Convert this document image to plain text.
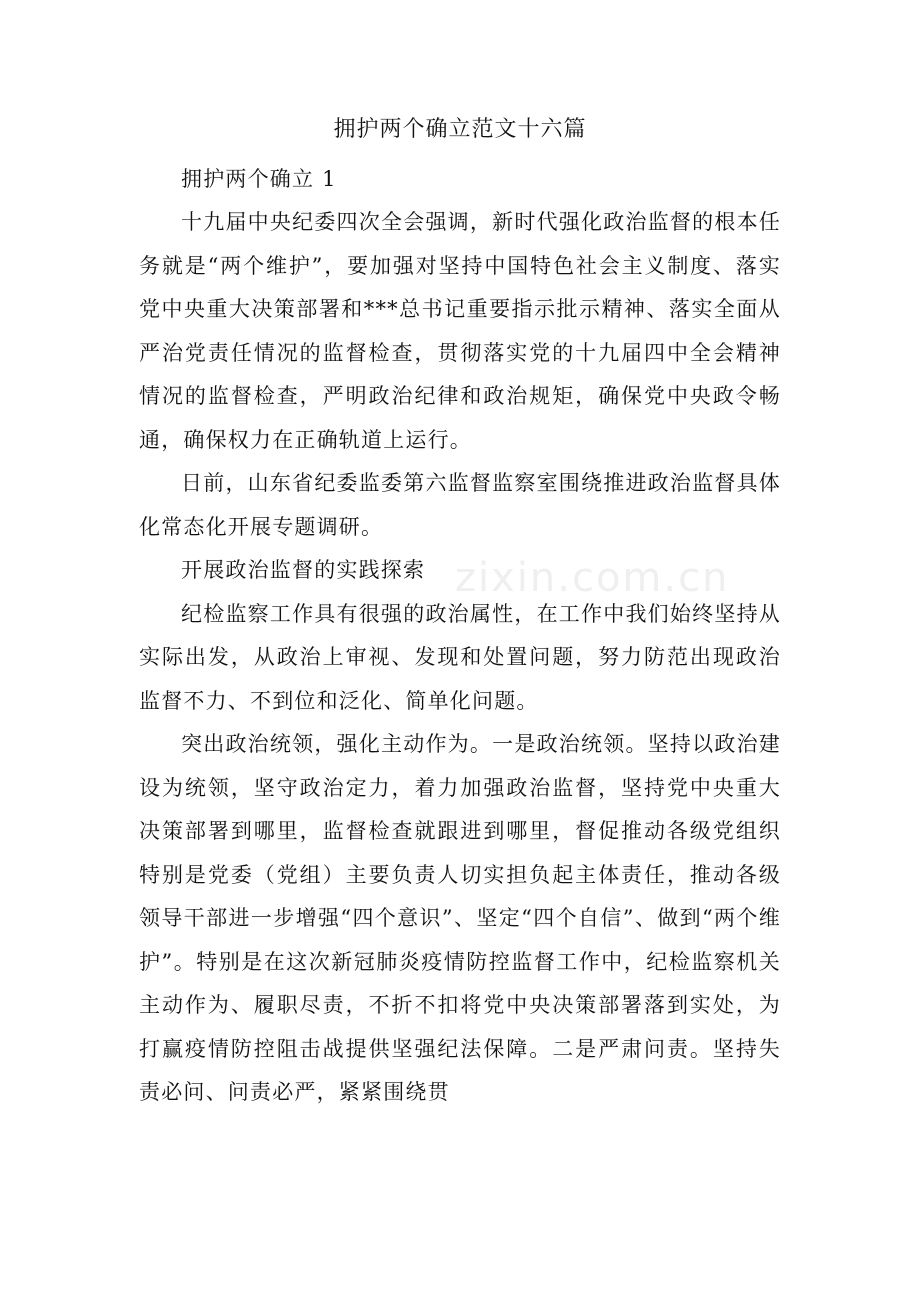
zixin.com.cn
拥护两个确立范文十六篇

拥护两个确立 1

十九届中央纪委四次全会强调，新时代强化政治监督的根本任务就是“两个维护”，要加强对坚持中国特色社会主义制度、落实党中央重大决策部署和***总书记重要指示批示精神、落实全面从严治党责任情况的监督检查，贯彻落实党的十九届四中全会精神情况的监督检查，严明政治纪律和政治规矩，确保党中央政令畅通，确保权力在正确轨道上运行。

日前，山东省纪委监委第六监督监察室围绕推进政治监督具体化常态化开展专题调研。

开展政治监督的实践探索

纪检监察工作具有很强的政治属性，在工作中我们始终坚持从实际出发，从政治上审视、发现和处置问题，努力防范出现政治监督不力、不到位和泛化、简单化问题。

突出政治统领，强化主动作为。一是政治统领。坚持以政治建设为统领，坚守政治定力，着力加强政治监督，坚持党中央重大决策部署到哪里，监督检查就跟进到哪里，督促推动各级党组织特别是党委（党组）主要负责人切实担负起主体责任，推动各级领导干部进一步增强“四个意识”、坚定“四个自信”、做到“两个维护”。特别是在这次新冠肺炎疫情防控监督工作中，纪检监察机关主动作为、履职尽责，不折不扣将党中央决策部署落到实处，为打赢疫情防控阻击战提供坚强纪法保障。二是严肃问责。坚持失责必问、问责必严，紧紧围绕贯
